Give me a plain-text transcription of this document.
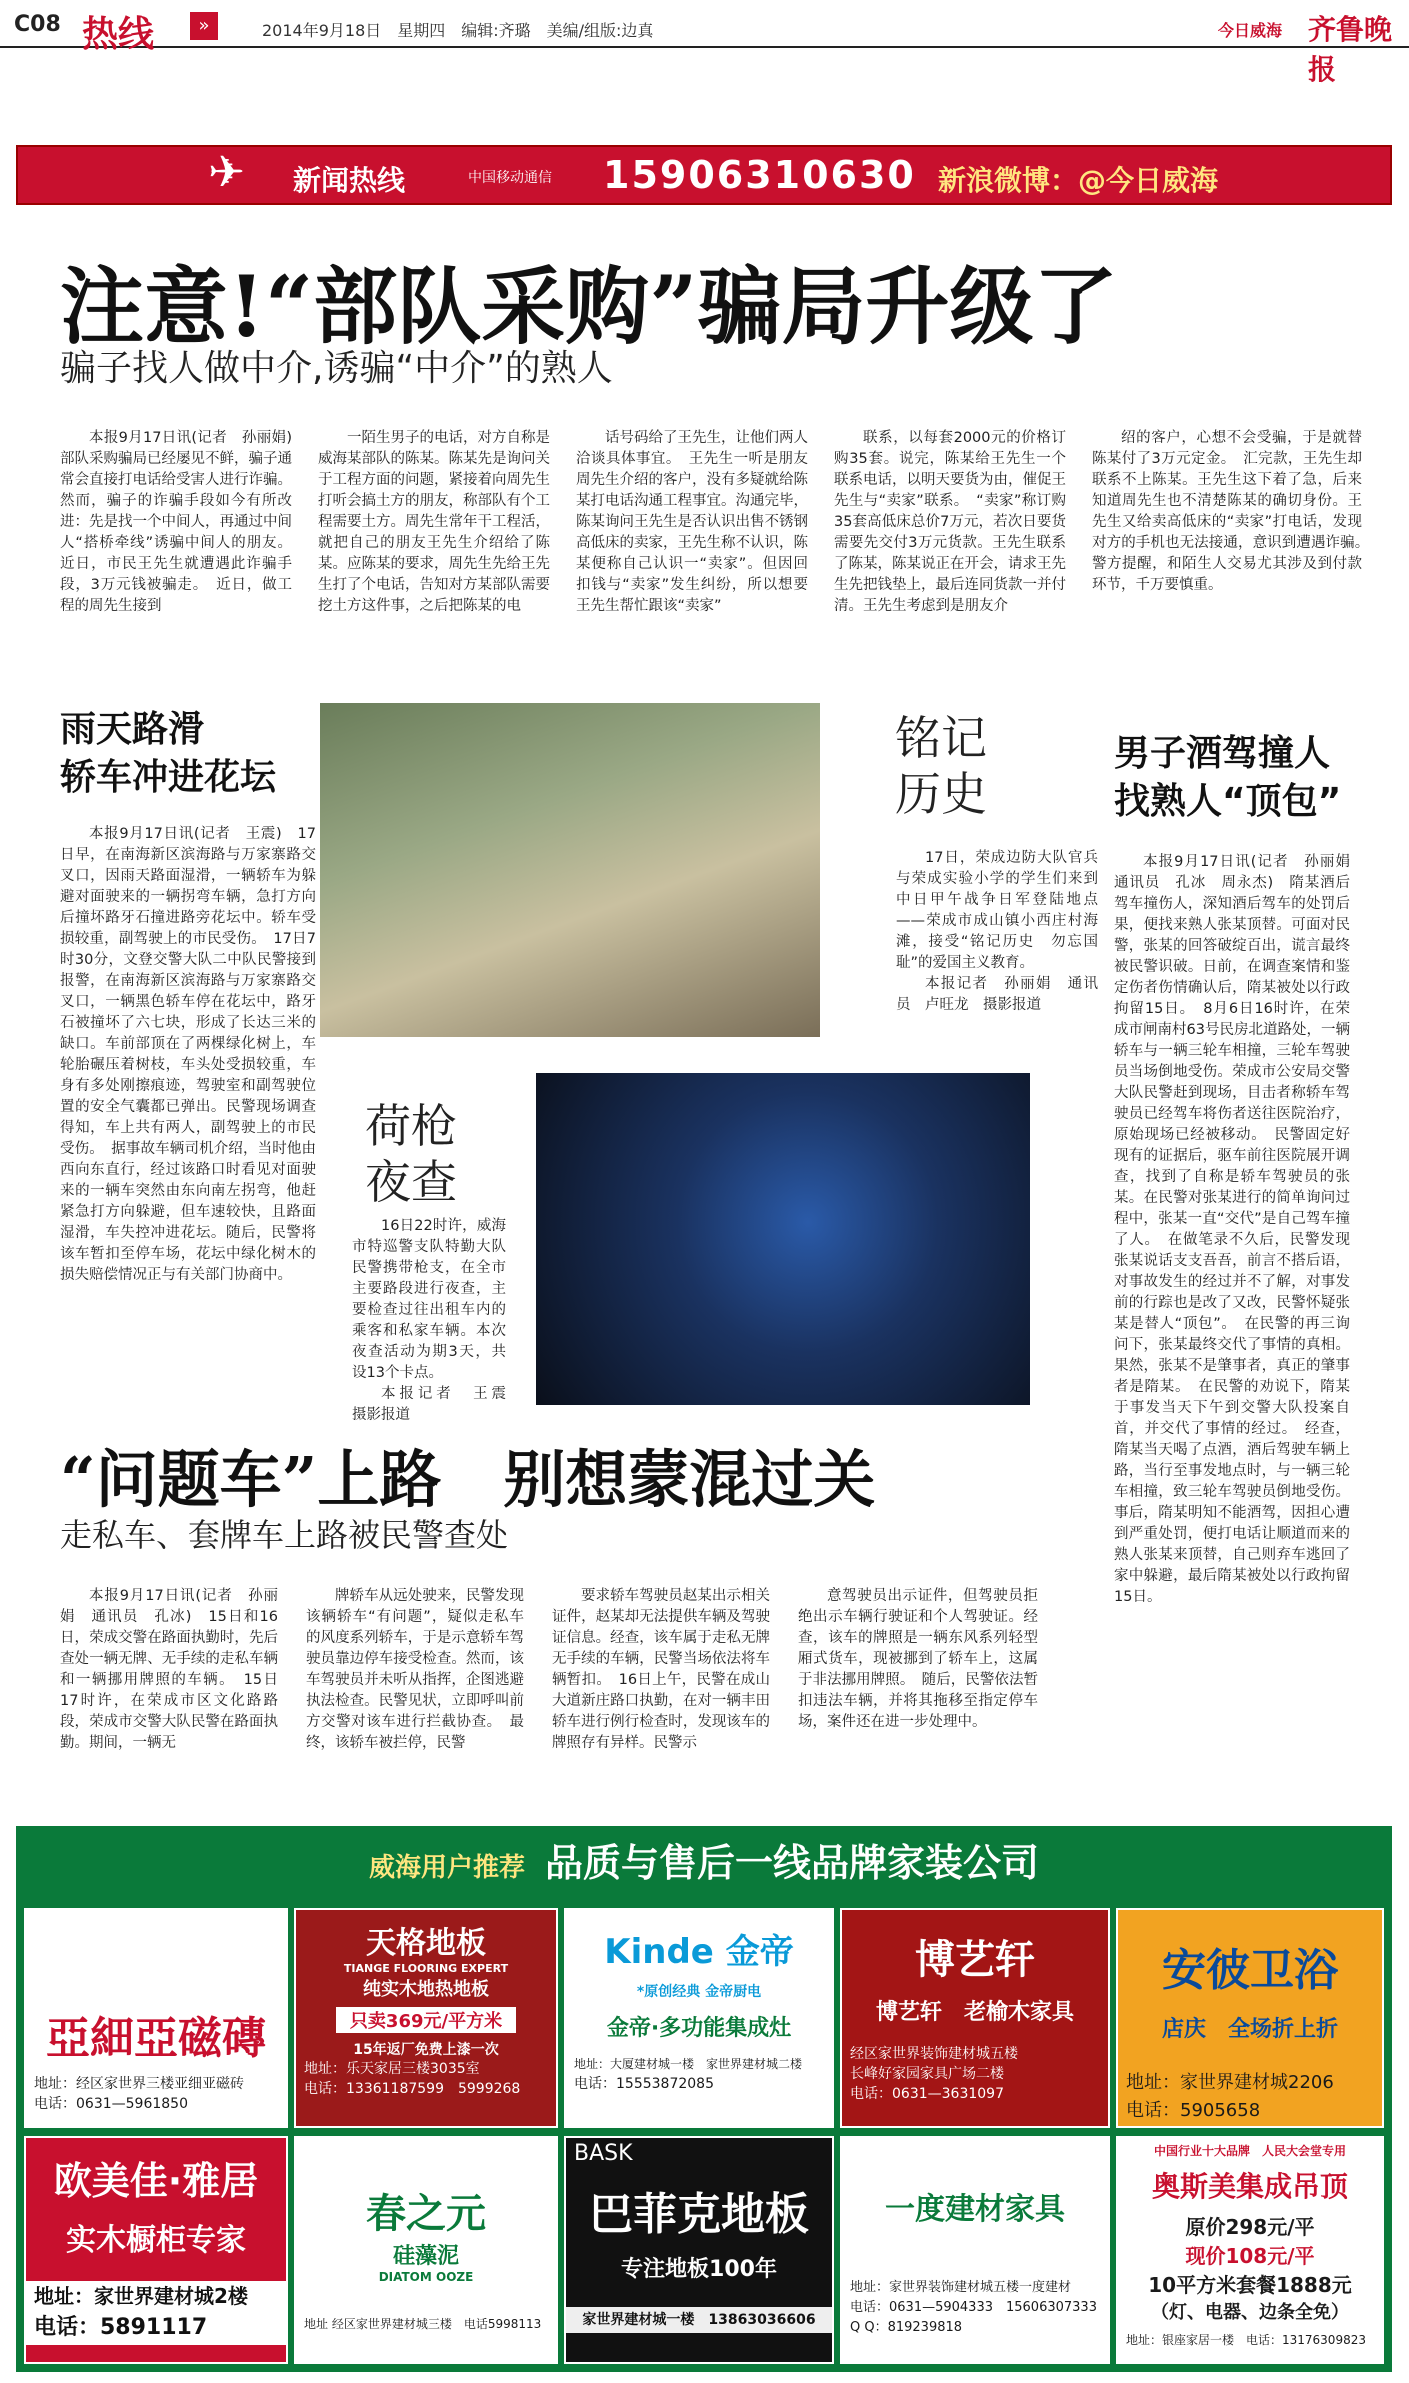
C08 热线	»	2014年9月18日　星期四　编辑:齐璐　美编/组版:边真	今日威海 齐鲁晚报
✈	新闻热线	中国移动通信 15906310630 新浪微博：@今日威海
注意!“部队采购”骗局升级了
骗子找人做中介,诱骗“中介”的熟人

本报9月17日讯(记者　孙丽娟)　部队采购骗局已经屡见不鲜，骗子通常会直接打电话给受害人进行诈骗。然而，骗子的诈骗手段如今有所改进：先是找一个中间人，再通过中间人“搭桥牵线”诱骗中间人的朋友。近日，市民王先生就遭遇此诈骗手段，3万元钱被骗走。　近日，做工程的周先生接到

一陌生男子的电话，对方自称是威海某部队的陈某。陈某先是询问关于工程方面的问题，紧接着向周先生打听会搞土方的朋友，称部队有个工程需要土方。周先生常年干工程活，就把自己的朋友王先生介绍给了陈某。应陈某的要求，周先生先给王先生打了个电话，告知对方某部队需要挖土方这件事，之后把陈某的电

话号码给了王先生，让他们两人洽谈具体事宜。　王先生一听是朋友周先生介绍的客户，没有多疑就给陈某打电话沟通工程事宜。沟通完毕，陈某询问王先生是否认识出售不锈钢高低床的卖家，王先生称不认识，陈某便称自己认识一“卖家”。但因回扣钱与“卖家”发生纠纷，所以想要王先生帮忙跟该“卖家”

联系，以每套2000元的价格订购35套。说完，陈某给王先生一个联系电话，以明天要货为由，催促王先生与“卖家”联系。　“卖家”称订购35套高低床总价7万元，若次日要货需要先交付3万元货款。王先生联系了陈某，陈某说正在开会，请求王先生先把钱垫上，最后连同货款一并付清。王先生考虑到是朋友介

绍的客户，心想不会受骗，于是就替陈某付了3万元定金。　汇完款，王先生却联系不上陈某。王先生这下着了急，后来知道周先生也不清楚陈某的确切身份。王先生又给卖高低床的“卖家”打电话，发现对方的手机也无法接通，意识到遭遇诈骗。　警方提醒，和陌生人交易尤其涉及到付款环节，千万要慎重。

雨天路滑
轿车冲进花坛

本报9月17日讯(记者　王震)　17日早，在南海新区滨海路与万家寨路交叉口，因雨天路面湿滑，一辆轿车为躲避对面驶来的一辆拐弯车辆，急打方向后撞坏路牙石撞进路旁花坛中。轿车受损较重，副驾驶上的市民受伤。　17日7时30分，文登交警大队二中队民警接到报警，在南海新区滨海路与万家寨路交叉口，一辆黑色轿车停在花坛中，路牙石被撞坏了六七块，形成了长达三米的缺口。车前部顶在了两棵绿化树上，车轮胎碾压着树枝，车头处受损较重，车身有多处刚擦痕迹，驾驶室和副驾驶位置的安全气囊都已弹出。民警现场调查得知，车上共有两人，副驾驶上的市民受伤。　据事故车辆司机介绍，当时他由西向东直行，经过该路口时看见对面驶来的一辆车突然由东向南左拐弯，他赶紧急打方向躲避，但车速较快，且路面湿滑，车失控冲进花坛。随后，民警将该车暂扣至停车场，花坛中绿化树木的损失赔偿情况正与有关部门协商中。

铭记
历史

17日，荣成边防大队官兵与荣成实验小学的学生们来到中日甲午战争日军登陆地点——荣成市成山镇小西庄村海滩，接受“铭记历史　勿忘国耻”的爱国主义教育。

本报记者　孙丽娟　通讯员　卢旺龙　摄影报道

荷枪
夜查

16日22时许，威海市特巡警支队特勤大队民警携带枪支，在全市主要路段进行夜查，主要检查过往出租车内的乘客和私家车辆。本次夜查活动为期3天，共设13个卡点。

本报记者　王震　摄影报道

男子酒驾撞人
找熟人“顶包”

本报9月17日讯(记者　孙丽娟　通讯员　孔冰　周永杰)　隋某酒后驾车撞伤人，深知酒后驾车的处罚后果，便找来熟人张某顶替。可面对民警，张某的回答破绽百出，谎言最终被民警识破。日前，在调查案情和鉴定伤者伤情确认后，隋某被处以行政拘留15日。　8月6日16时许，在荣成市闸南村63号民房北道路处，一辆轿车与一辆三轮车相撞，三轮车驾驶员当场倒地受伤。荣成市公安局交警大队民警赶到现场，目击者称轿车驾驶员已经驾车将伤者送往医院治疗，原始现场已经被移动。　民警固定好现有的证据后，驱车前往医院展开调查，找到了自称是轿车驾驶员的张某。在民警对张某进行的简单询问过程中，张某一直“交代”是自己驾车撞了人。　在做笔录不久后，民警发现张某说话支支吾吾，前言不搭后语，对事故发生的经过并不了解，对事发前的行踪也是改了又改，民警怀疑张某是替人“顶包”。　在民警的再三询问下，张某最终交代了事情的真相。果然，张某不是肇事者，真正的肇事者是隋某。　在民警的劝说下，隋某于事发当天下午到交警大队投案自首，并交代了事情的经过。　经查，隋某当天喝了点酒，酒后驾驶车辆上路，当行至事发地点时，与一辆三轮车相撞，致三轮车驾驶员倒地受伤。事后，隋某明知不能酒驾，因担心遭到严重处罚，便打电话让顺道而来的熟人张某来顶替，自己则弃车逃回了家中躲避，最后隋某被处以行政拘留15日。

“问题车”上路　别想蒙混过关
走私车、套牌车上路被民警查处

本报9月17日讯(记者　孙丽娟　通讯员　孔冰)　15日和16日，荣成交警在路面执勤时，先后查处一辆无牌、无手续的走私车辆和一辆挪用牌照的车辆。　15日17时许，在荣成市区文化路路段，荣成市交警大队民警在路面执勤。期间，一辆无

牌轿车从远处驶来，民警发现该辆轿车“有问题”，疑似走私车的风度系列轿车，于是示意轿车驾驶员靠边停车接受检查。然而，该车驾驶员并未听从指挥，企图逃避执法检查。民警见状，立即呼叫前方交警对该车进行拦截协查。　最终，该轿车被拦停，民警

要求轿车驾驶员赵某出示相关证件，赵某却无法提供车辆及驾驶证信息。经查，该车属于走私无牌无手续的车辆，民警当场依法将车辆暂扣。　16日上午，民警在成山大道新庄路口执勤，在对一辆丰田轿车进行例行检查时，发现该车的牌照存有异样。民警示

意驾驶员出示证件，但驾驶员拒绝出示车辆行驶证和个人驾驶证。经查，该车的牌照是一辆东风系列轻型厢式货车，现被挪到了轿车上，这属于非法挪用牌照。　随后，民警依法暂扣违法车辆，并将其拖移至指定停车场，案件还在进一步处理中。

威海用户推荐 品质与售后一线品牌家装公司
亞細亞磁磚
地址：经区家世界三楼亚细亚磁砖
电话：0631—5961850
天格地板
TIANGE FLOORING EXPERT
纯实木地热地板
只卖369元/平方米
15年返厂免费上漆一次
地址：乐天家居三楼3035室
电话：13361187599　5999268
Kinde 金帝
*原创经典 金帝厨电
金帝·多功能集成灶
地址：大厦建材城一楼　家世界建材城二楼
电话：15553872085
博艺轩
博艺轩　老榆木家具
经区家世界装饰建材城五楼
长峰好家园家具广场二楼
电话：0631—3631097
安彼卫浴
店庆　全场折上折
地址：家世界建材城2206
电话：5905658
欧美佳·雅居
实木橱柜专家
地址：家世界建材城2楼
电话：5891117
春之元
硅藻泥
DIATOM OOZE
地址 经区家世界建材城三楼　电话5998113
BASK
巴菲克地板
专注地板100年
家世界建材城一楼　13863036606
一度建材家具
地址：家世界装饰建材城五楼一度建材
电话：0631—5904333　15606307333
Q Q：819239818
中国行业十大品牌　人民大会堂专用
奥斯美集成吊顶
原价298元/平
现价108元/平
10平方米套餐1888元
（灯、电器、边条全免）
地址：银座家居一楼　电话：13176309823
